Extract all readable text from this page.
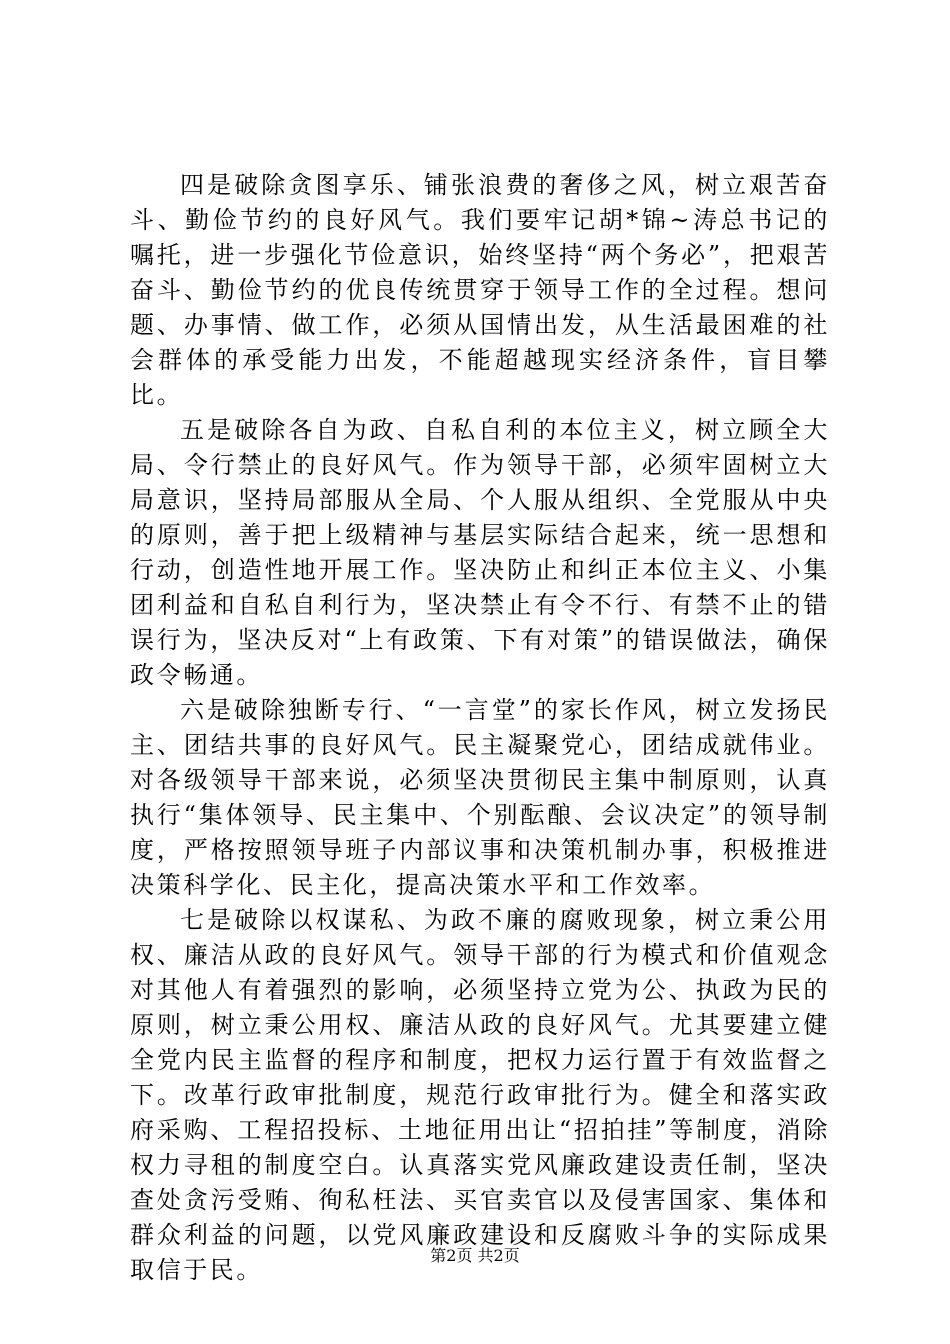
四是破除贪图享乐、铺张浪费的奢侈之风，树立艰苦奋斗、勤俭节约的良好风气。我们要牢记胡*锦~涛总书记的嘱托，进一步强化节俭意识，始终坚持“两个务必”，把艰苦奋斗、勤俭节约的优良传统贯穿于领导工作的全过程。想问题、办事情、做工作，必须从国情出发，从生活最困难的社会群体的承受能力出发，不能超越现实经济条件，盲目攀比。

五是破除各自为政、自私自利的本位主义，树立顾全大局、令行禁止的良好风气。作为领导干部，必须牢固树立大局意识，坚持局部服从全局、个人服从组织、全党服从中央的原则，善于把上级精神与基层实际结合起来，统一思想和行动，创造性地开展工作。坚决防止和纠正本位主义、小集团利益和自私自利行为，坚决禁止有令不行、有禁不止的错误行为，坚决反对“上有政策、下有对策”的错误做法，确保政令畅通。

六是破除独断专行、“一言堂”的家长作风，树立发扬民主、团结共事的良好风气。民主凝聚党心，团结成就伟业。对各级领导干部来说，必须坚决贯彻民主集中制原则，认真执行“集体领导、民主集中、个别酝酿、会议决定”的领导制度，严格按照领导班子内部议事和决策机制办事，积极推进决策科学化、民主化，提高决策水平和工作效率。

七是破除以权谋私、为政不廉的腐败现象，树立秉公用权、廉洁从政的良好风气。领导干部的行为模式和价值观念对其他人有着强烈的影响，必须坚持立党为公、执政为民的原则，树立秉公用权、廉洁从政的良好风气。尤其要建立健全党内民主监督的程序和制度，把权力运行置于有效监督之下。改革行政审批制度，规范行政审批行为。健全和落实政府采购、工程招投标、土地征用出让“招拍挂”等制度，消除权力寻租的制度空白。认真落实党风廉政建设责任制，坚决查处贪污受贿、徇私枉法、买官卖官以及侵害国家、集体和群众利益的问题，以党风廉政建设和反腐败斗争的实际成果取信于民。

第2页 共2页
